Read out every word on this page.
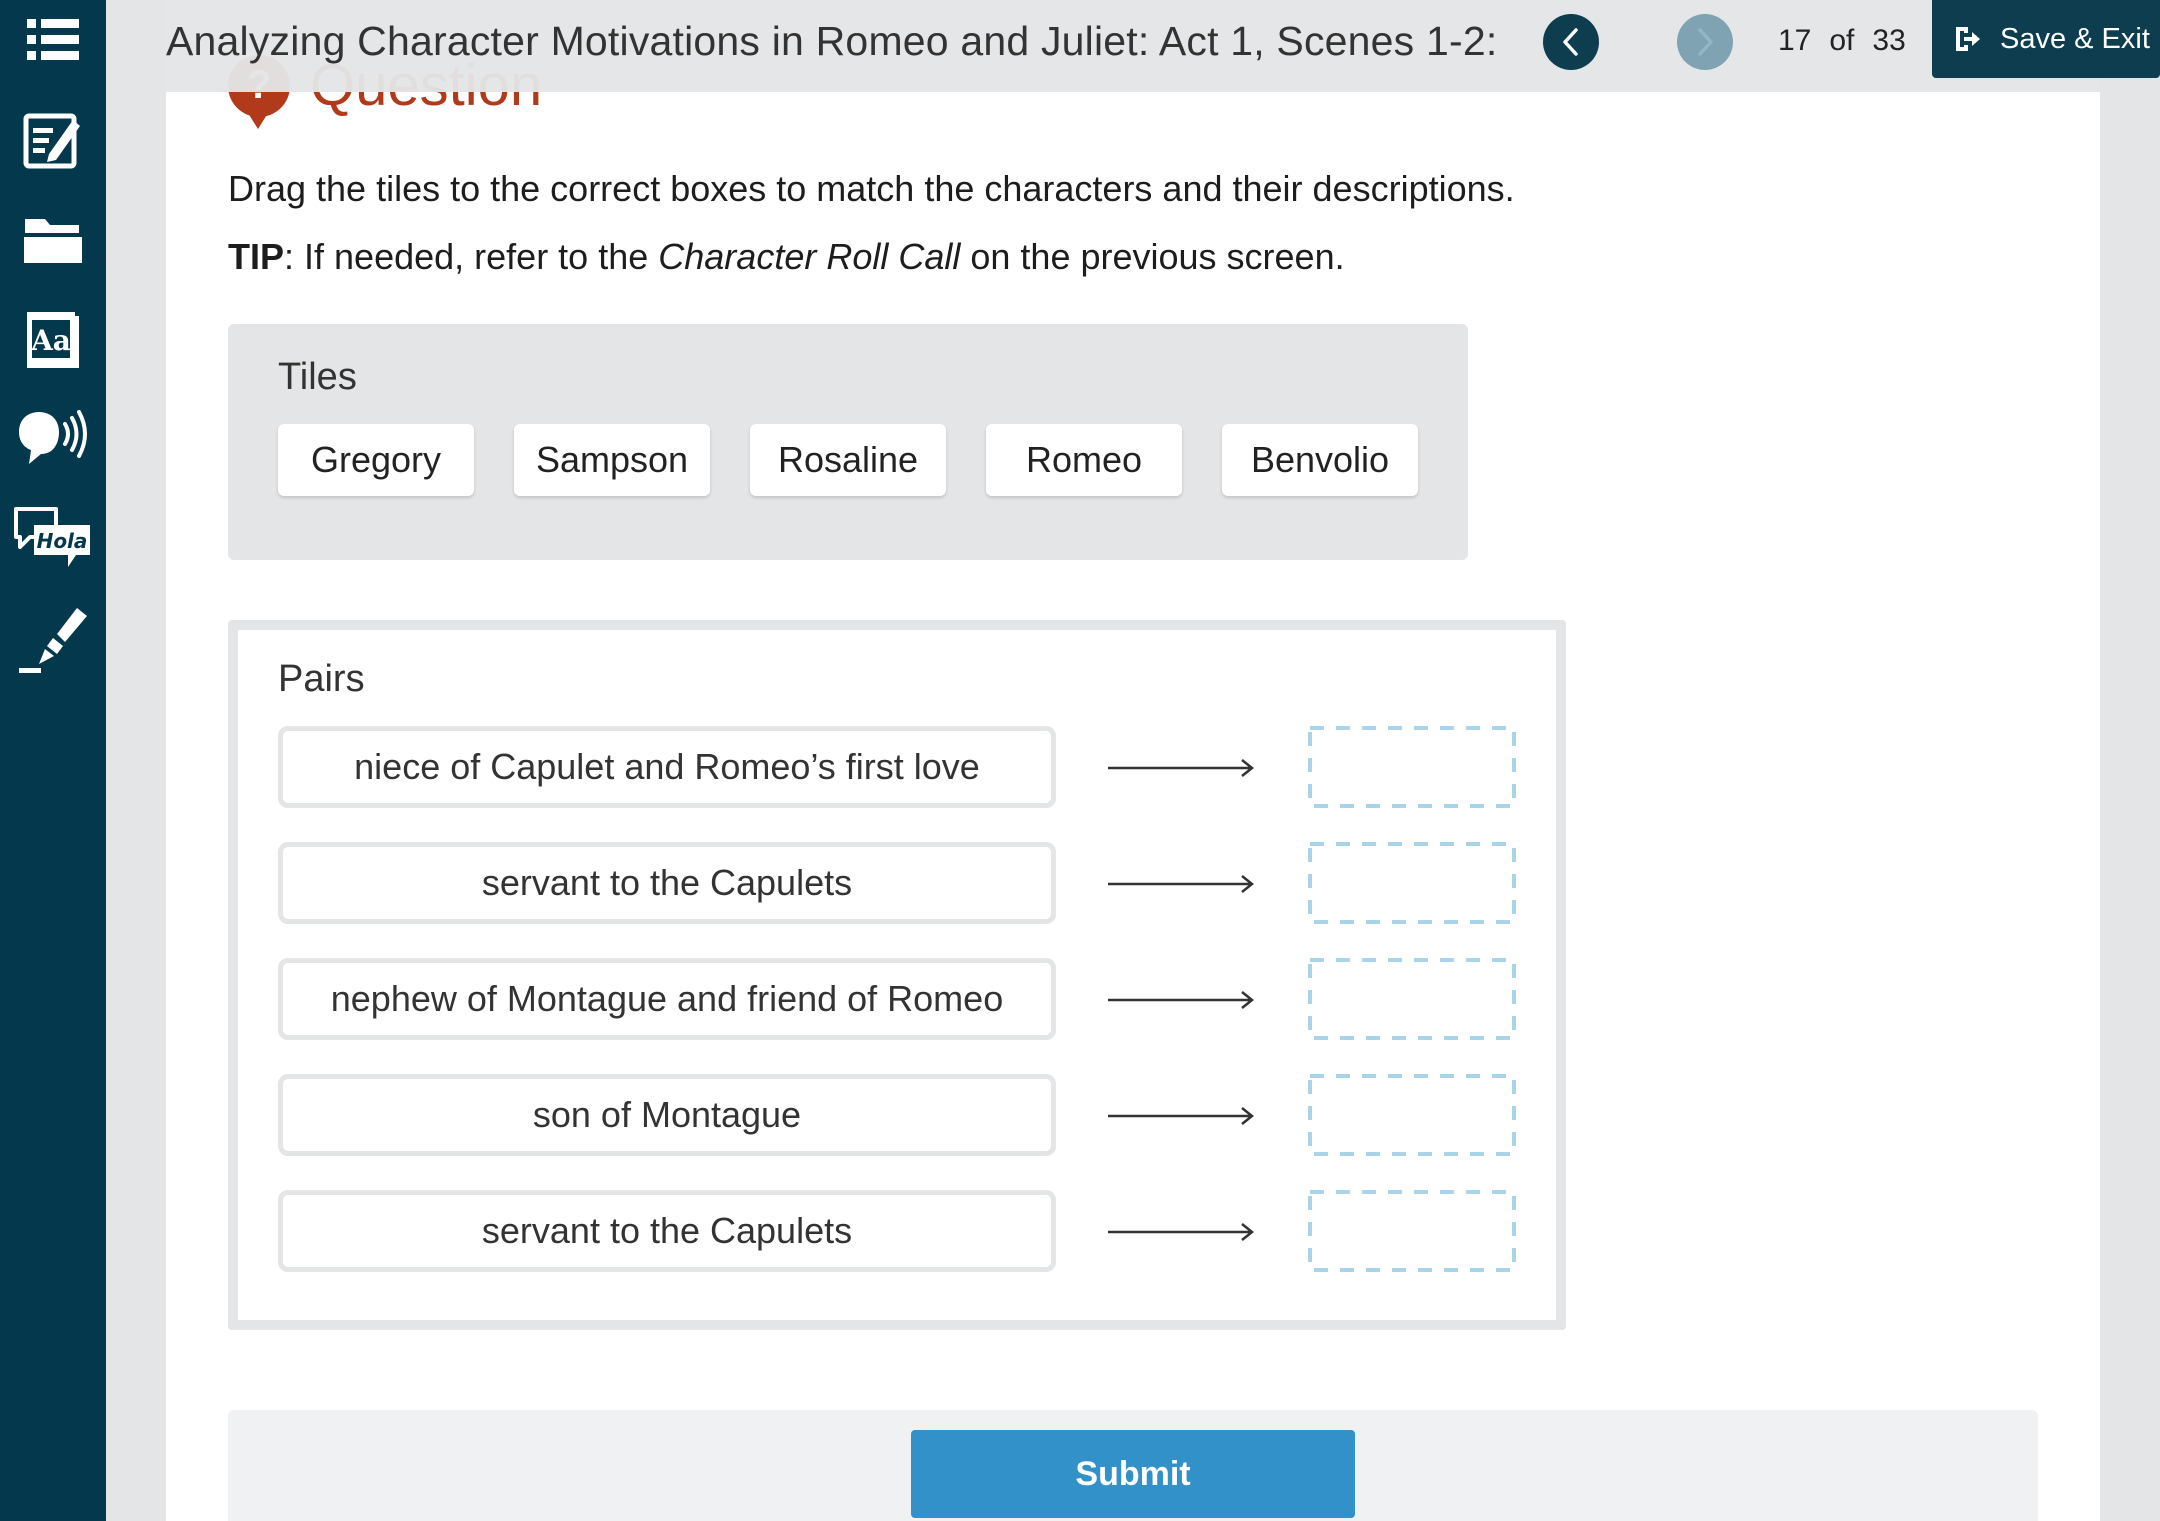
Analyzing Character Motivations in Romeo and Juliet: Act 1, Scenes 1-2:	17 of 33	Save & Exit
Aa
Hola
Drag the tiles to the correct boxes to match the characters and their descriptions.
TIP: If needed, refer to the Character Roll Call on the previous screen.
Tiles
Gregory	Sampson	Rosaline	Romeo	Benvolio
Pairs
niece of Capulet and Romeo’s first love
servant to the Capulets
nephew of Montague and friend of Romeo
son of Montague
servant to the Capulets
Submit
